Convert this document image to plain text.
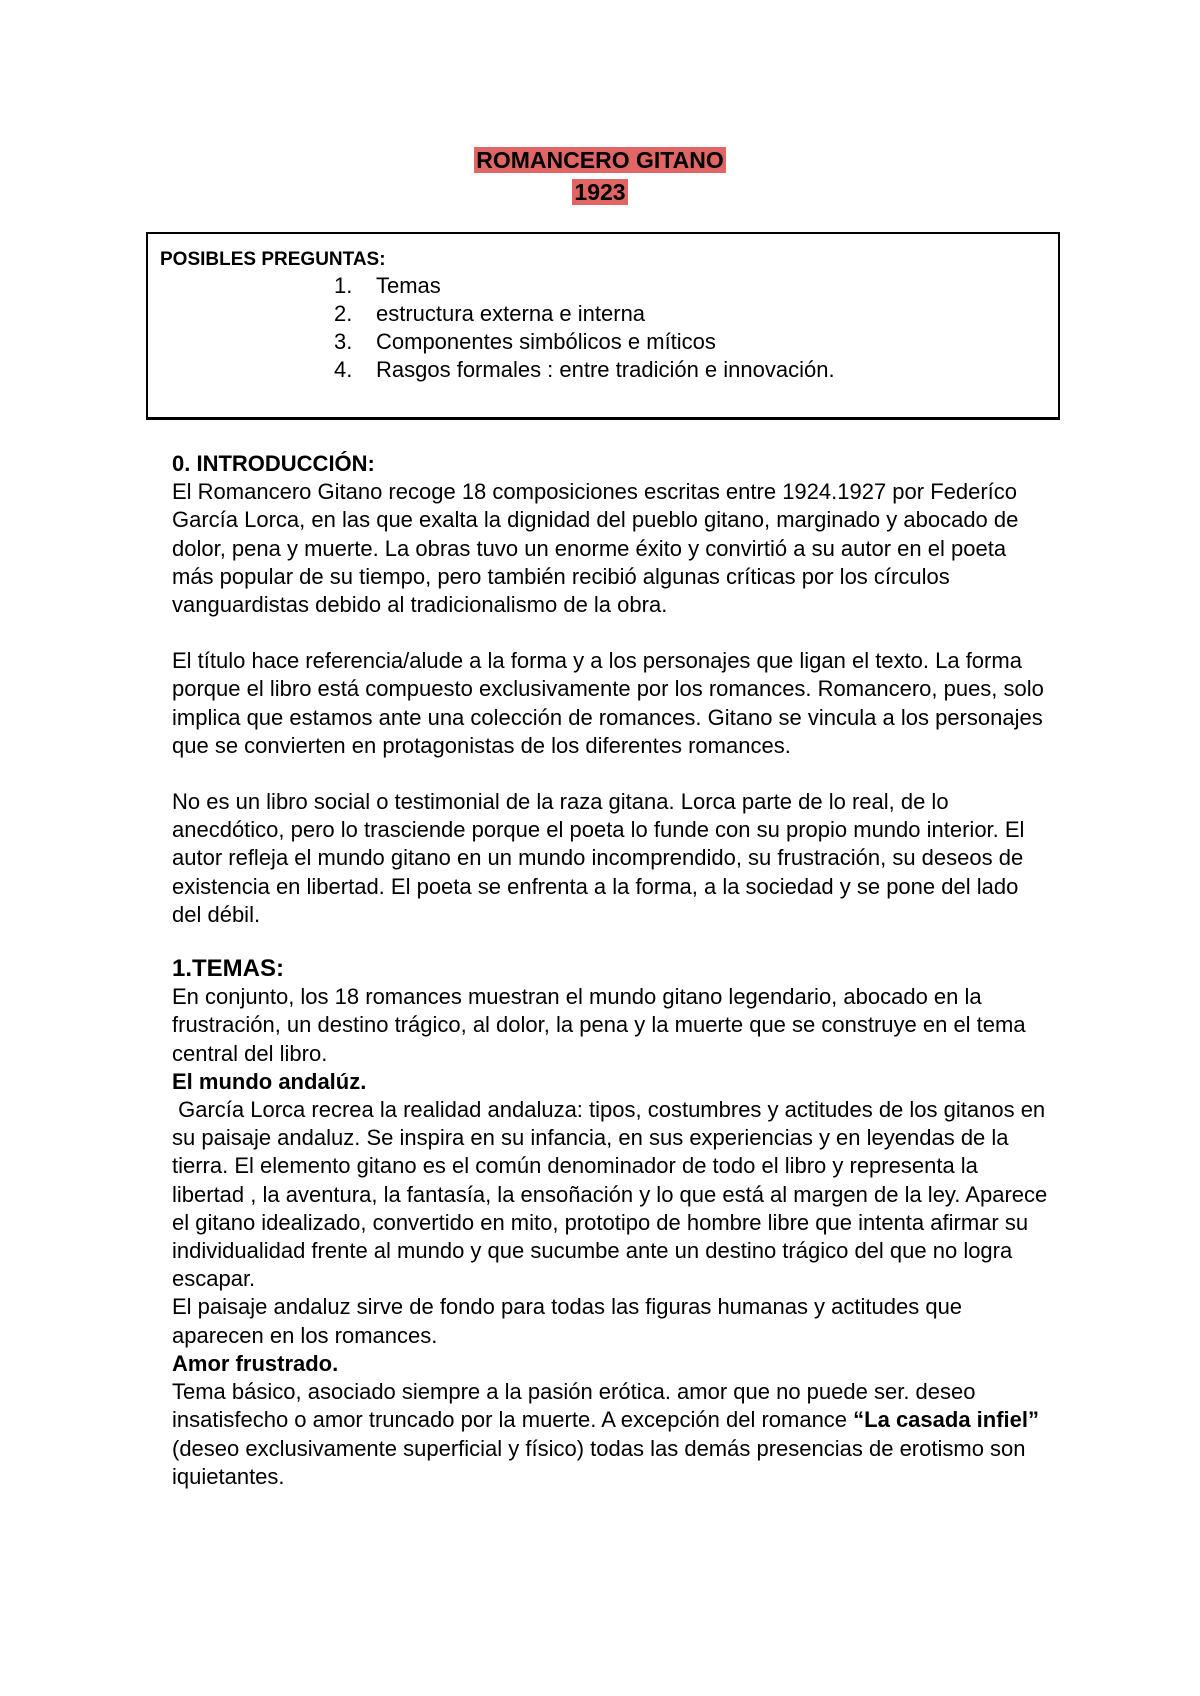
ROMANCERO GITANO
1923
POSIBLES PREGUNTAS:
1.	Temas
2.	estructura externa e interna
3.	Componentes simbólicos e míticos
4.	Rasgos formales : entre tradición e innovación.

0. INTRODUCCIÓN:

El Romancero Gitano recoge 18 composiciones escritas entre 1924.1927 por Federíco García Lorca, en las que exalta la dignidad del pueblo gitano, marginado y abocado de dolor, pena y muerte. La obras tuvo un enorme éxito y convirtió a su autor en el poeta más popular de su tiempo, pero también recibió algunas críticas por los círculos vanguardistas debido al tradicionalismo de la obra.

El título hace referencia/alude a la forma y a los personajes que ligan el texto. La forma porque el libro está compuesto exclusivamente por los romances. Romancero, pues, solo implica que estamos ante una colección de romances. Gitano se vincula a los personajes que se convierten en protagonistas de los diferentes romances.

No es un libro social o testimonial de la raza gitana. Lorca parte de lo real, de lo anecdótico, pero lo trasciende porque el poeta lo funde con su propio mundo interior. El autor refleja el mundo gitano en un mundo incomprendido, su frustración, su deseos de existencia en libertad. El poeta se enfrenta a la forma, a la sociedad y se pone del lado del débil.

1.TEMAS:

En conjunto, los 18 romances muestran el mundo gitano legendario, abocado en la frustración, un destino trágico, al dolor, la pena y la muerte que se construye en el tema central del libro.

El mundo andalúz.

García Lorca recrea la realidad andaluza: tipos, costumbres y actitudes de los gitanos en su paisaje andaluz. Se inspira en su infancia, en sus experiencias y en leyendas de la tierra. El elemento gitano es el común denominador de todo el libro y representa la libertad , la aventura, la fantasía, la ensoñación y lo que está al margen de la ley. Aparece el gitano idealizado, convertido en mito, prototipo de hombre libre que intenta afirmar su individualidad frente al mundo y que sucumbe ante un destino trágico del que no logra escapar.

El paisaje andaluz sirve de fondo para todas las figuras humanas y actitudes que aparecen en los romances.

Amor frustrado.

Tema básico, asociado siempre a la pasión erótica. amor que no puede ser. deseo insatisfecho o amor truncado por la muerte. A excepción del romance “La casada infiel” (deseo exclusivamente superficial y físico) todas las demás presencias de erotismo son iquietantes.
